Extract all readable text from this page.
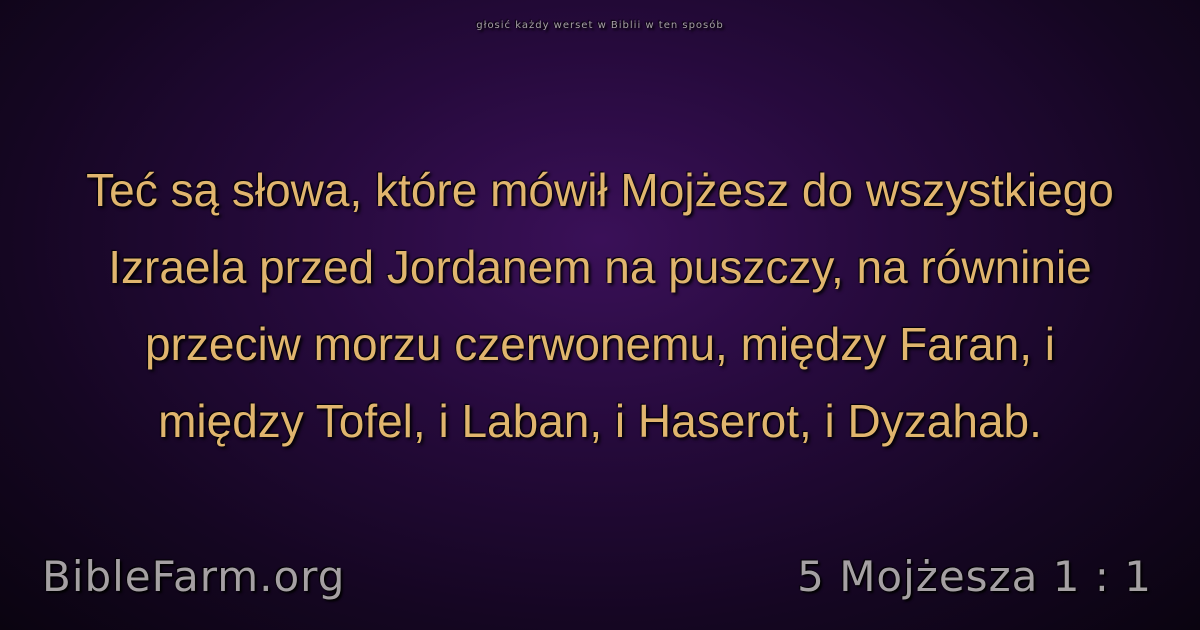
głosić każdy werset w Biblii w ten sposób
Teć są słowa, które mówił Mojżesz do wszystkiego
Izraela przed Jordanem na puszczy, na równinie
przeciw morzu czerwonemu, między Faran, i
między Tofel, i Laban, i Haserot, i Dyzahab.
BibleFarm.org	5 Mojżesza 1 : 1
